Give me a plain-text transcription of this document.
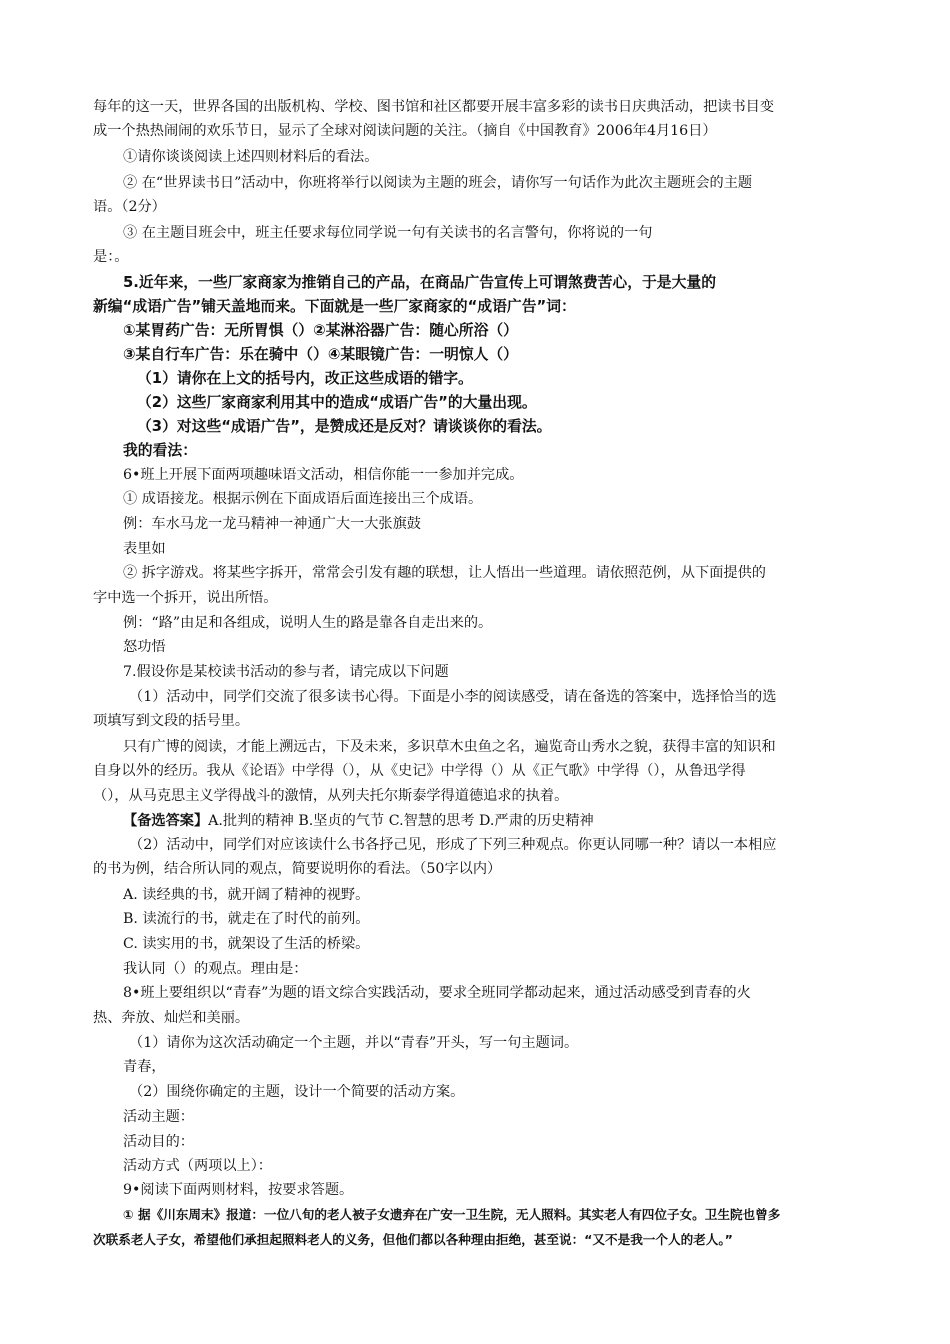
每年的这一天，世界各国的出版机构、学校、图书馆和社区都要开展丰富多彩的读书日庆典活动，把读书目变
成一个热热闹闹的欢乐节日，显示了全球对阅读问题的关注。（摘自《中国教育》2006年4月16日）
①请你谈谈阅读上述四则材料后的看法。
② 在“世界读书日”活动中，你班将举行以阅读为主题的班会，请你写一句话作为此次主题班会的主题
语。（2分）
③ 在主题目班会中，班主任要求每位同学说一句有关读书的名言警句，你将说的一句
是：。
5.近年来，一些厂家商家为推销自己的产品，在商品广告宣传上可谓煞费苦心，于是大量的
新编“成语广告”铺天盖地而来。下面就是一些厂家商家的“成语广告”词：
①某胃药广告：无所胃惧（）②某淋浴器广告：随心所浴（）
③某自行车广告：乐在骑中（）④某眼镜广告：一明惊人（）
（1）请你在上文的括号内，改正这些成语的错字。
（2）这些厂家商家利用其中的造成“成语广告”的大量出现。
（3）对这些“成语广告”，是赞成还是反对？请谈谈你的看法。
我的看法：
6•班上开展下面两项趣味语文活动，相信你能一一参加并完成。
① 成语接龙。根据示例在下面成语后面连接出三个成语。
例：车水马龙一龙马精神一神通广大一大张旗鼓
表里如
② 拆字游戏。将某些字拆开，常常会引发有趣的联想，让人悟出一些道理。请依照范例，从下面提供的
字中选一个拆开，说出所悟。
例：“路”由足和各组成，说明人生的路是靠各自走出来的。
怒功悟
7.假设你是某校读书活动的参与者，请完成以下问题
（1）活动中，同学们交流了很多读书心得。下面是小李的阅读感受，请在备选的答案中，选择恰当的选
项填写到文段的括号里。
只有广博的阅读，才能上溯远古，下及未来，多识草木虫鱼之名，遍览奇山秀水之貌，获得丰富的知识和
自身以外的经历。我从《论语》中学得（），从《史记》中学得（）从《正气歌》中学得（），从鲁迅学得
（），从马克思主义学得战斗的激情，从列夫托尔斯泰学得道德追求的执着。
【备选答案】A.批判的精神 B.坚贞的气节 C.智慧的思考 D.严肃的历史精神
（2）活动中，同学们对应该读什么书各抒己见，形成了下列三种观点。你更认同哪一种？请以一本相应
的书为例，结合所认同的观点，简要说明你的看法。（50字以内）
A. 读经典的书，就开阔了精神的视野。
B. 读流行的书，就走在了时代的前列。
C. 读实用的书，就架设了生活的桥梁。
我认同（）的观点。理由是：
8•班上要组织以“青春”为题的语文综合实践活动，要求全班同学都动起来，通过活动感受到青春的火
热、奔放、灿烂和美丽。
（1）请你为这次活动确定一个主题，并以“青春”开头，写一句主题词。
青春，
（2）围绕你确定的主题，设计一个简要的活动方案。
活动主题：
活动目的：
活动方式（两项以上）：
9•阅读下面两则材料，按要求答题。
① 据《川东周末》报道：一位八旬的老人被子女遗弃在广安一卫生院，无人照料。其实老人有四位子女。卫生院也曾多
次联系老人子女，希望他们承担起照料老人的义务，但他们都以各种理由拒绝，甚至说：“又不是我一个人的老人。”
